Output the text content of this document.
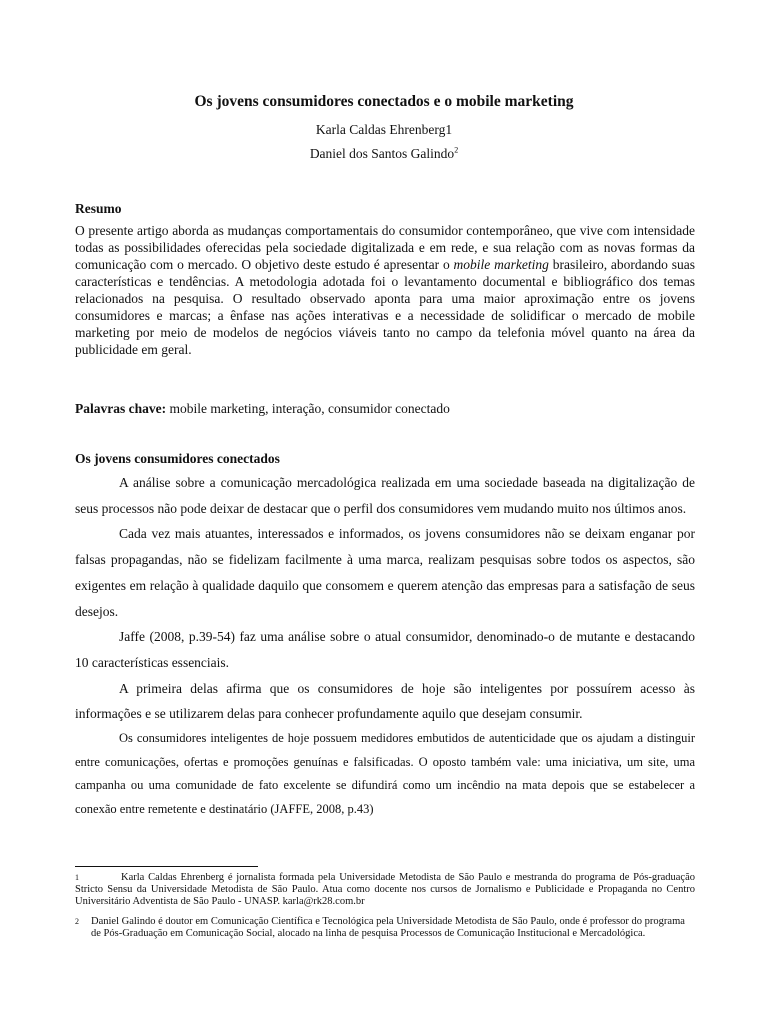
Os jovens consumidores conectados e o mobile marketing

Karla Caldas Ehrenberg1

Daniel dos Santos Galindo$^2$

Resumo

O presente artigo aborda as mudanças comportamentais do consumidor contemporâneo, que vive com intensidade todas as possibilidades oferecidas pela sociedade digitalizada e em rede, e sua relação com as novas formas da comunicação com o mercado. O objetivo deste estudo é apresentar o mobile marketing brasileiro, abordando suas características e tendências. A metodologia adotada foi o levantamento documental e bibliográfico dos temas relacionados na pesquisa. O resultado observado aponta para uma maior aproximação entre os jovens consumidores e marcas; a ênfase nas ações interativas e a necessidade de solidificar o mercado de mobile marketing por meio de modelos de negócios viáveis tanto no campo da telefonia móvel quanto na área da publicidade em geral.

Palavras chave: mobile marketing, interação, consumidor conectado

Os jovens consumidores conectados

A análise sobre a comunicação mercadológica realizada em uma sociedade baseada na digitalização de seus processos não pode deixar de destacar que o perfil dos consumidores vem mudando muito nos últimos anos.

Cada vez mais atuantes, interessados e informados, os jovens consumidores não se deixam enganar por falsas propagandas, não se fidelizam facilmente à uma marca, realizam pesquisas sobre todos os aspectos, são exigentes em relação à qualidade daquilo que consomem e querem atenção das empresas para a satisfação de seus desejos.

Jaffe (2008, p.39-54) faz uma análise sobre o atual consumidor, denominado-o de mutante e destacando 10 características essenciais.

A primeira delas afirma que os consumidores de hoje são inteligentes por possuírem acesso às informações e se utilizarem delas para conhecer profundamente aquilo que desejam consumir.

Os consumidores inteligentes de hoje possuem medidores embutidos de autenticidade que os ajudam a distinguir entre comunicações, ofertas e promoções genuínas e falsificadas. O oposto também vale: uma iniciativa, um site, uma campanha ou uma comunidade de fato excelente se difundirá como um incêndio na mata depois que se estabelecer a conexão entre remetente e destinatário (JAFFE, 2008, p.43)

1	Karla Caldas Ehrenberg é jornalista formada pela Universidade Metodista de São Paulo e mestranda do programa de Pós-graduação Stricto Sensu da Universidade Metodista de São Paulo. Atua como docente nos cursos de Jornalismo e Publicidade e Propaganda no Centro Universitário Adventista de São Paulo - UNASP. karla@rk28.com.br

2	Daniel Galindo é doutor em Comunicação Científica e Tecnológica pela Universidade Metodista de São Paulo, onde é professor do programa de Pós-Graduação em Comunicação Social, alocado na linha de pesquisa Processos de Comunicação Institucional e Mercadológica.
